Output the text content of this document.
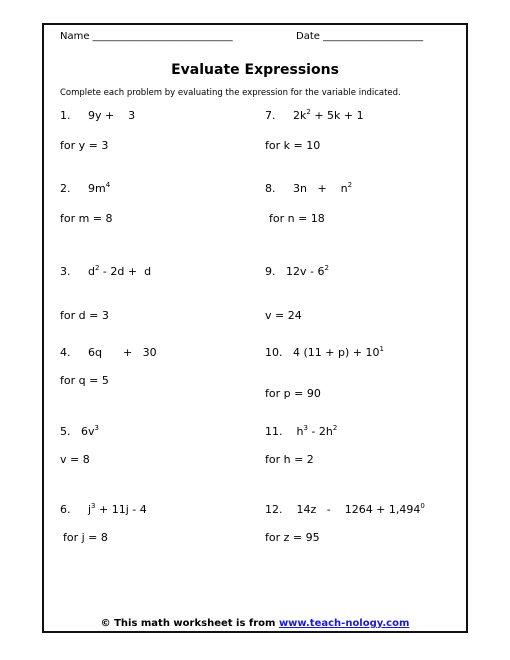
Name ____________________________	Date ____________________
Evaluate Expressions
Complete each problem by evaluating the expression for the variable indicated.
1.     9y +    3
for y = 3
2.     $9m^4$
for m = 8
3.     $d^2 - 2d + d$
for d = 3
4.     6q      +   30
for q = 5
5.   $6v^3$
v = 8
6.     $j^3 + 11j - 4$
for j = 8
7.     $2k^2 + 5k + 1$
for k = 10
8.     3n   +    $n^2$
for n = 18
9.   $12v - 6^2$
v = 24
10.   4 $(11 + p) + 10^1$
for p = 90
11.    $h^3 - 2h^2$
for h = 2
12.    14z   -    $1264 + 1,494^0$
for z = 95
© This math worksheet is from www.teach-nology.com
